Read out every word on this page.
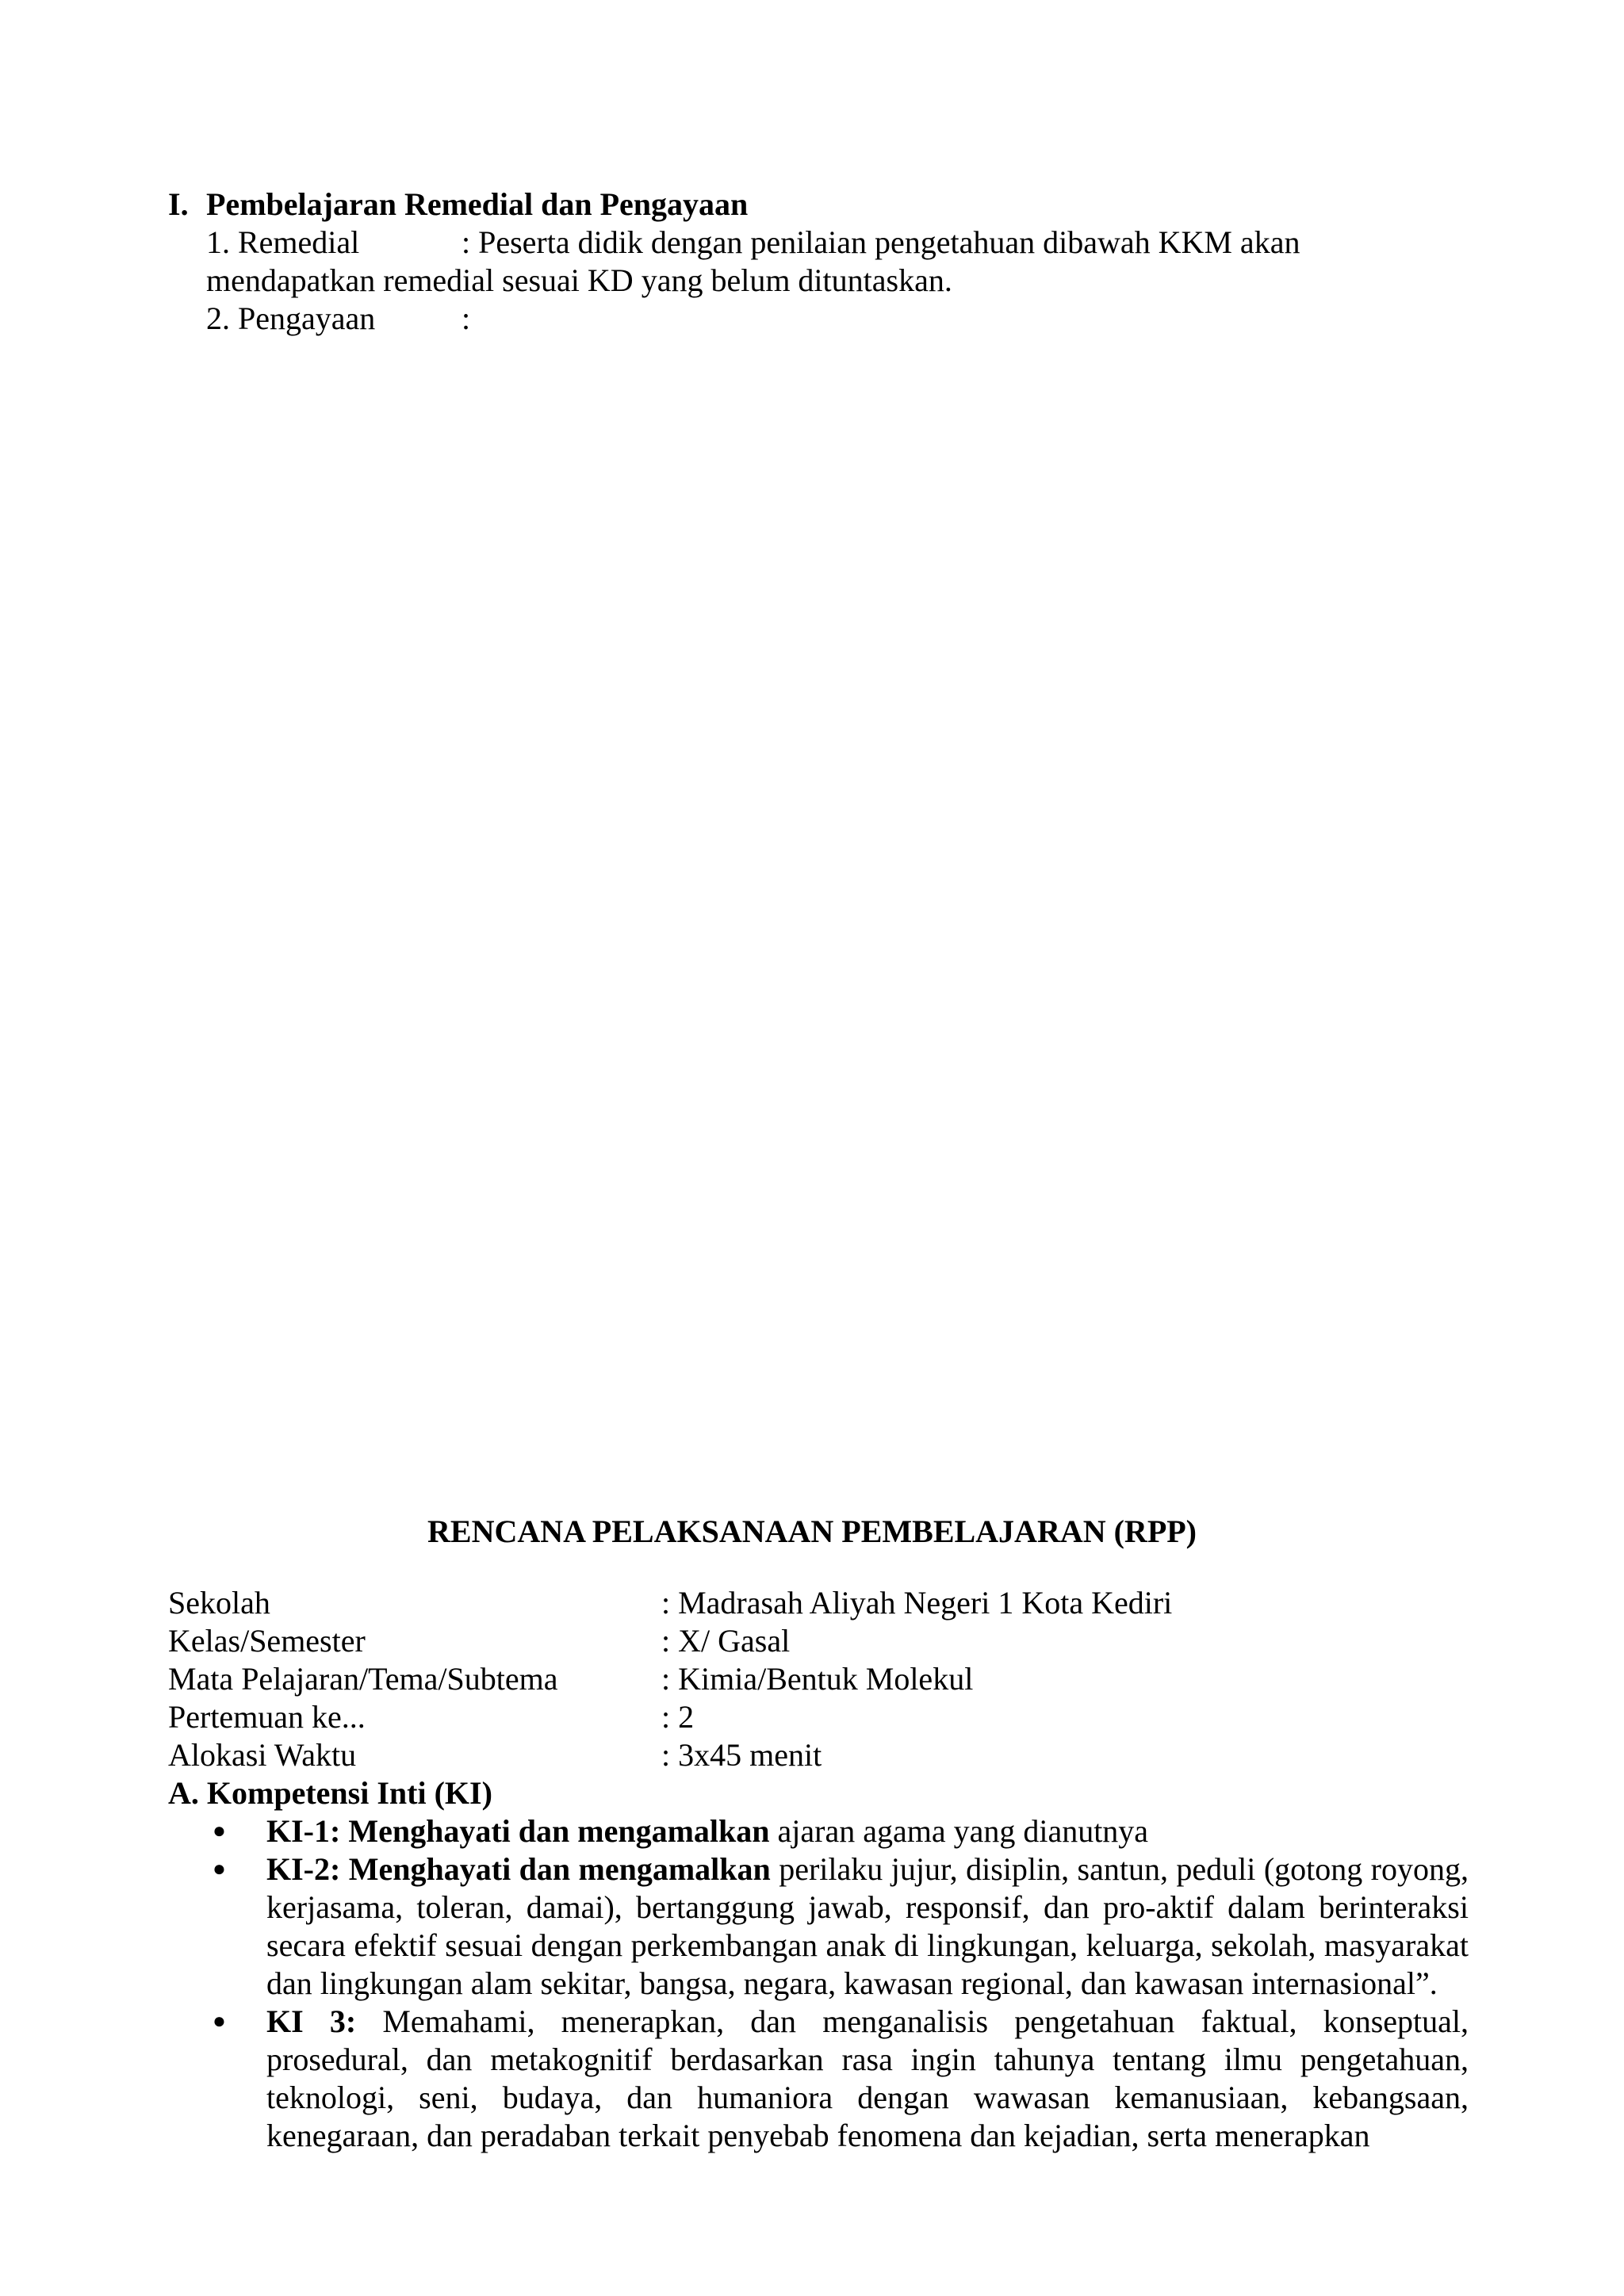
I. Pembelajaran Remedial dan Pengayaan
1. Remedial	: Peserta didik dengan penilaian pengetahuan dibawah KKM akan
mendapatkan remedial sesuai KD yang belum dituntaskan.
2. Pengayaan	:
RENCANA PELAKSANAAN PEMBELAJARAN (RPP)
Sekolah	: Madrasah Aliyah Negeri 1 Kota Kediri
Kelas/Semester	: X/ Gasal
Mata Pelajaran/Tema/Subtema	: Kimia/Bentuk Molekul
Pertemuan ke...	: 2
Alokasi Waktu	: 3x45 menit
A. Kompetensi Inti (KI)
● KI-1: Menghayati dan mengamalkan ajaran agama yang dianutnya
● KI-2: Menghayati dan mengamalkan perilaku jujur, disiplin, santun, peduli (gotong royong, kerjasama, toleran, damai), bertanggung jawab, responsif, dan pro-aktif dalam berinteraksi secara efektif sesuai dengan perkembangan anak di lingkungan, keluarga, sekolah, masyarakat dan lingkungan alam sekitar, bangsa, negara, kawasan regional, dan kawasan internasional”.
● KI 3: Memahami, menerapkan, dan menganalisis pengetahuan faktual, konseptual, prosedural, dan metakognitif berdasarkan rasa ingin tahunya tentang ilmu pengetahuan, teknologi, seni, budaya, dan humaniora dengan wawasan kemanusiaan, kebangsaan, kenegaraan, dan peradaban terkait penyebab fenomena dan kejadian, serta menerapkan
